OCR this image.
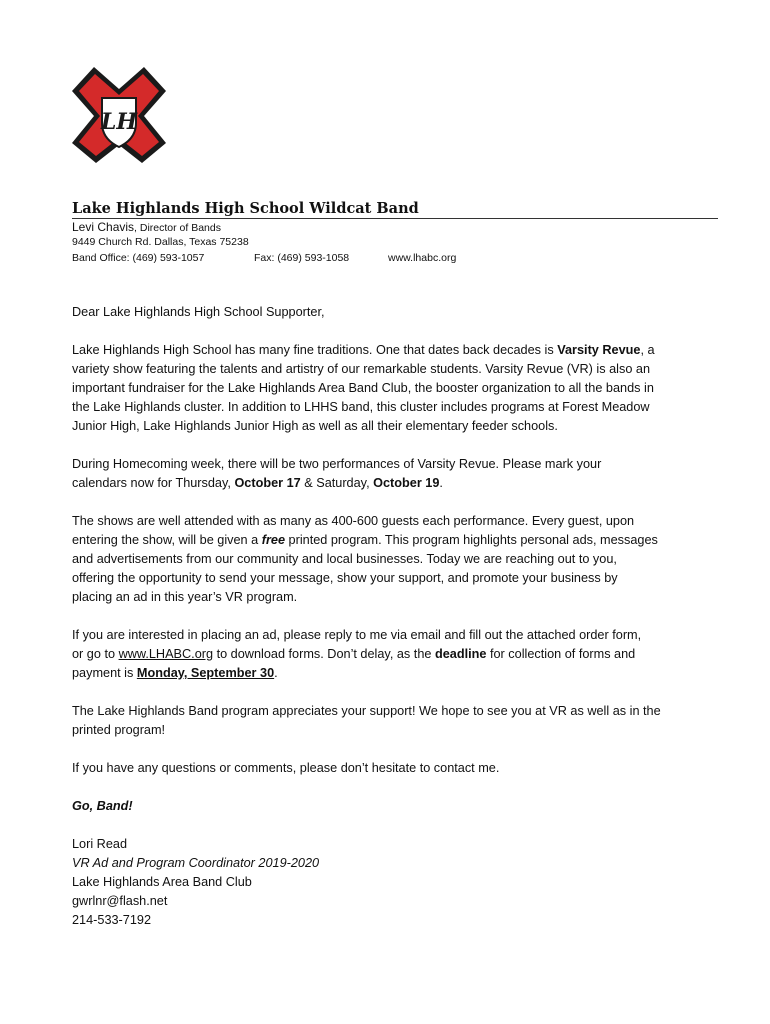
LH
Lake Highlands High School Wildcat Band
Levi Chavis, Director of Bands
9449 Church Rd. Dallas, Texas 75238
Band Office: (469) 593-1057	Fax: (469) 593-1058	www.lhabc.org
Dear Lake Highlands High School Supporter,
Lake Highlands High School has many fine traditions. One that dates back decades is Varsity Revue, a
variety show featuring the talents and artistry of our remarkable students. Varsity Revue (VR) is also an
important fundraiser for the Lake Highlands Area Band Club, the booster organization to all the bands in
the Lake Highlands cluster. In addition to LHHS band, this cluster includes programs at Forest Meadow
Junior High, Lake Highlands Junior High as well as all their elementary feeder schools.
During Homecoming week, there will be two performances of Varsity Revue. Please mark your
calendars now for Thursday, October 17 & Saturday, October 19.
The shows are well attended with as many as 400-600 guests each performance. Every guest, upon
entering the show, will be given a free printed program. This program highlights personal ads, messages
and advertisements from our community and local businesses. Today we are reaching out to you,
offering the opportunity to send your message, show your support, and promote your business by
placing an ad in this year’s VR program.
If you are interested in placing an ad, please reply to me via email and fill out the attached order form,
or go to www.LHABC.org to download forms. Don’t delay, as the deadline for collection of forms and
payment is Monday, September 30.
The Lake Highlands Band program appreciates your support! We hope to see you at VR as well as in the
printed program!
If you have any questions or comments, please don’t hesitate to contact me.
Go, Band!
Lori Read
VR Ad and Program Coordinator 2019-2020
Lake Highlands Area Band Club
gwrlnr@flash.net
214-533-7192
